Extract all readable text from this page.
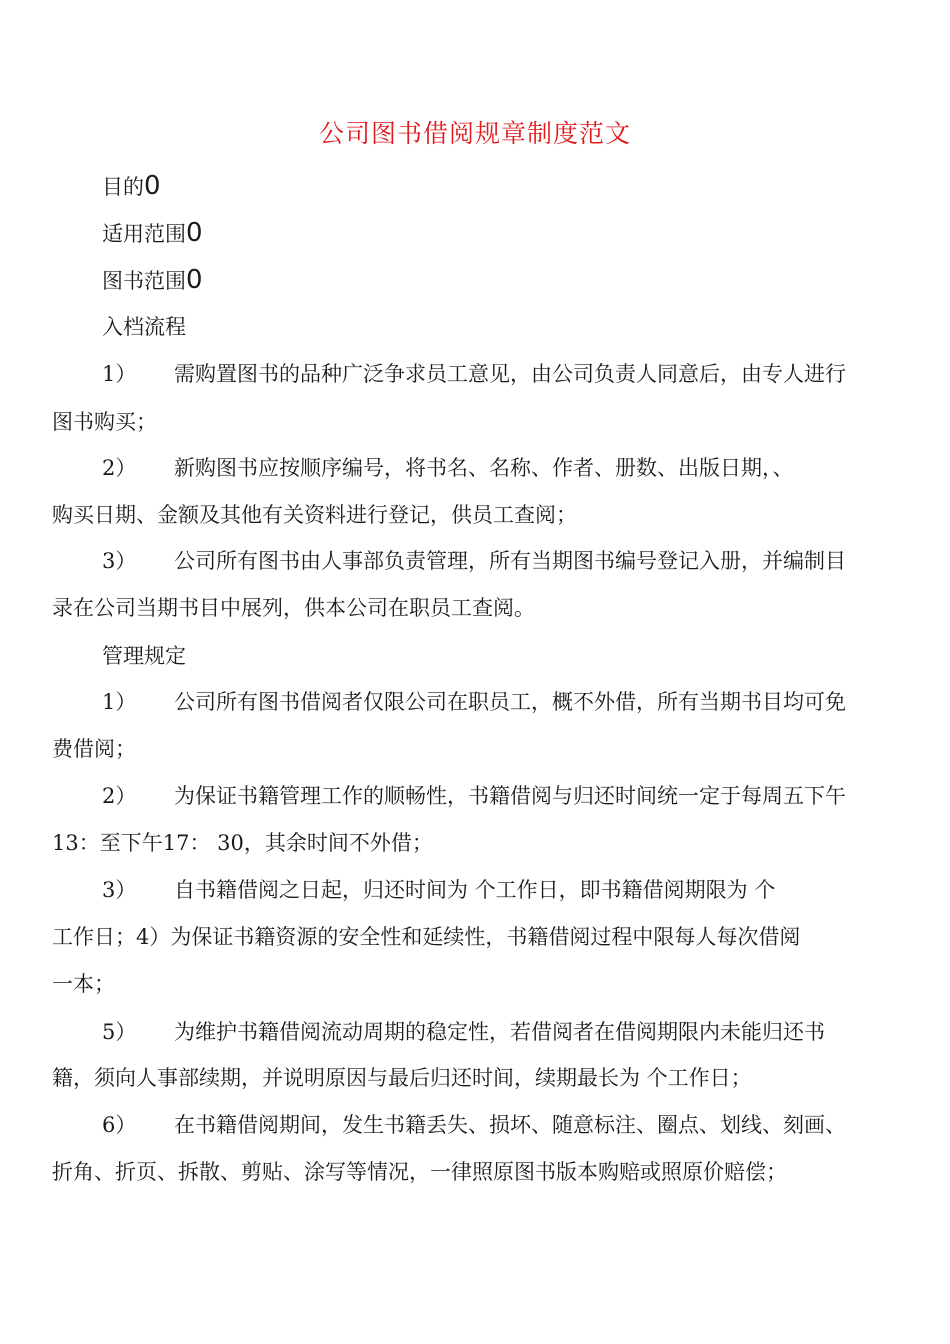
公司图书借阅规章制度范文
目的0
适用范围0
图书范围0
入档流程
1） 需购置图书的品种广泛争求员工意见，由公司负责人同意后，由专人进行
图书购买；
2） 新购图书应按顺序编号，将书名、名称、作者、册数、出版日期，、
购买日期、金额及其他有关资料进行登记，供员工查阅；
3） 公司所有图书由人事部负责管理，所有当期图书编号登记入册，并编制目
录在公司当期书目中展列，供本公司在职员工查阅。
管理规定
1） 公司所有图书借阅者仅限公司在职员工，概不外借，所有当期书目均可免
费借阅；
2） 为保证书籍管理工作的顺畅性，书籍借阅与归还时间统一定于每周五下午
13：至下午17： 30，其余时间不外借；
3） 自书籍借阅之日起，归还时间为 个工作日，即书籍借阅期限为 个
工作日；4）为保证书籍资源的安全性和延续性，书籍借阅过程中限每人每次借阅
一本；
5） 为维护书籍借阅流动周期的稳定性，若借阅者在借阅期限内未能归还书
籍，须向人事部续期，并说明原因与最后归还时间，续期最长为 个工作日；
6） 在书籍借阅期间，发生书籍丢失、损坏、随意标注、圈点、划线、刻画、
折角、折页、拆散、剪贴、涂写等情况，一律照原图书版本购赔或照原价赔偿；
